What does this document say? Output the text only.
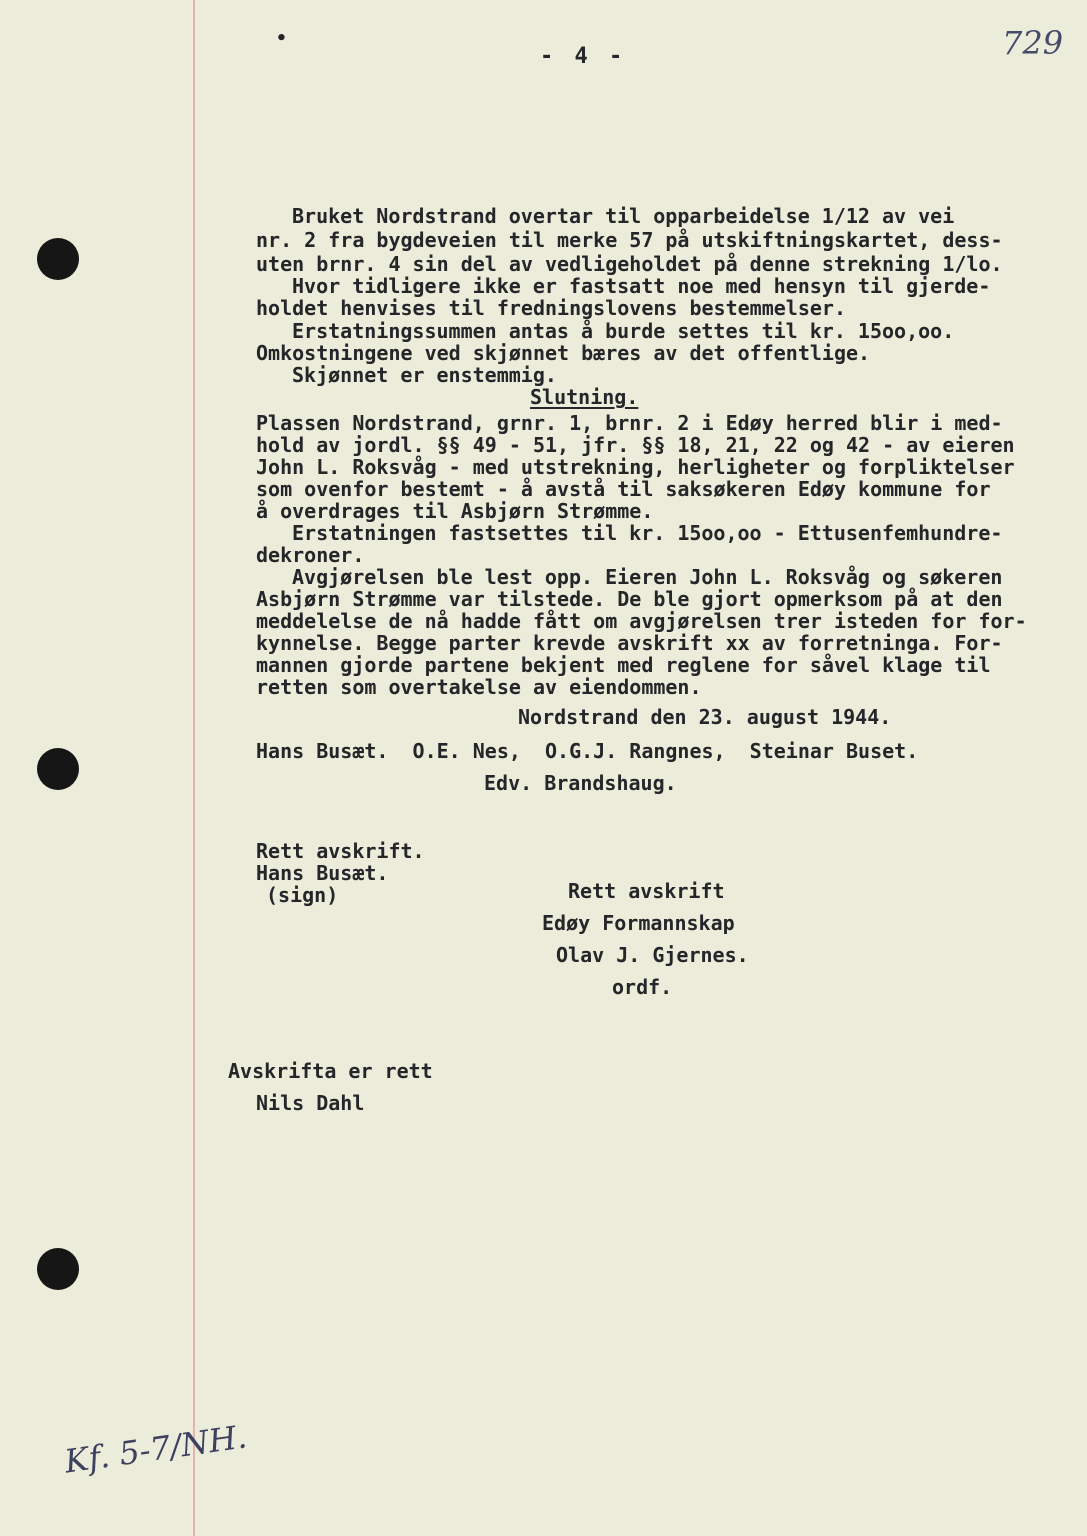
•
- 4 -	729
Bruket Nordstrand overtar til opparbeidelse 1/12 av vei
nr. 2 fra bygdeveien til merke 57 på utskiftningskartet, dess-
uten brnr. 4 sin del av vedligeholdet på denne strekning 1/lo.
Hvor tidligere ikke er fastsatt noe med hensyn til gjerde-
holdet henvises til fredningslovens bestemmelser.
Erstatningssummen antas å burde settes til kr. 15oo,oo.
Omkostningene ved skjønnet bæres av det offentlige.
Skjønnet er enstemmig.
Slutning.
Plassen Nordstrand, grnr. 1, brnr. 2 i Edøy herred blir i med-
hold av jordl. §§ 49 - 51, jfr. §§ 18, 21, 22 og 42 - av eieren
John L. Roksvåg - med utstrekning, herligheter og forpliktelser
som ovenfor bestemt - å avstå til saksøkeren Edøy kommune for
å overdrages til Asbjørn Strømme.
Erstatningen fastsettes til kr. 15oo,oo - Ettusenfemhundre-
dekroner.
Avgjørelsen ble lest opp. Eieren John L. Roksvåg og søkeren
Asbjørn Strømme var tilstede. De ble gjort opmerksom på at den
meddelelse de nå hadde fått om avgjørelsen trer isteden for for-
kynnelse. Begge parter krevde avskrift xx av forretninga. For-
mannen gjorde partene bekjent med reglene for såvel klage til
retten som overtakelse av eiendommen.
Nordstrand den 23. august 1944.
Hans Busæt.  O.E. Nes,  O.G.J. Rangnes,  Steinar Buset.
Edv. Brandshaug.
Rett avskrift.
Hans Busæt.
(sign)	Rett avskrift
Edøy Formannskap
Olav J. Gjernes.
ordf.
Avskrifta er rett
Nils Dahl
Kf. 5-7/NH.
